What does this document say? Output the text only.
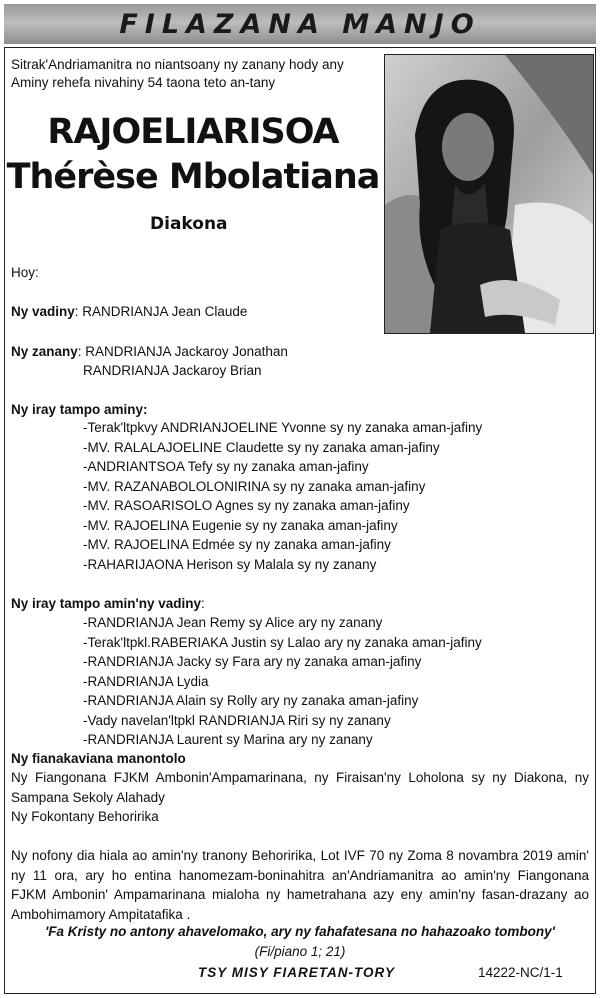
FILAZANA MANJO
Sitrak'Andriamanitra no niantsoany ny zanany hody any Aminy rehefa nivahiny 54 taona teto an-tany
RAJOELIARISOA
Thérèse Mbolatiana
Diakona
Hoy:
Ny vadiny: RANDRIANJA Jean Claude
Ny zanany: RANDRIANJA Jackaroy Jonathan
RANDRIANJA Jackaroy Brian
Ny iray tampo aminy:
-Terak'ltpkvy ANDRIANJOELINE Yvonne sy ny zanaka aman-jafiny
-MV. RALALAJOELINE Claudette sy ny zanaka aman-jafiny
-ANDRIANTSOA Tefy sy ny zanaka aman-jafiny
-MV. RAZANABOLOLONIRINA sy ny zanaka aman-jafiny
-MV. RASOARISOLO Agnes sy ny zanaka aman-jafiny
-MV. RAJOELINA Eugenie sy ny zanaka aman-jafiny
-MV. RAJOELINA Edmée sy ny zanaka aman-jafiny
-RAHARIJAONA Herison sy Malala sy ny zanany
Ny iray tampo amin'ny vadiny:
-RANDRIANJA Jean Remy sy Alice ary ny zanany
-Terak'ltpkl.RABERIAKA Justin sy Lalao ary ny zanaka aman-jafiny
-RANDRIANJA Jacky sy Fara ary ny zanaka aman-jafiny
-RANDRIANJA Lydia
-RANDRIANJA Alain sy Rolly ary ny zanaka aman-jafiny
-Vady navelan'ltpkl RANDRIANJA Riri sy ny zanany
-RANDRIANJA Laurent sy Marina ary ny zanany
Ny fianakaviana manontolo
Ny Fiangonana FJKM Ambonin'Ampamarinana, ny Firaisan'ny Loholona sy ny Diakona, ny Sampana Sekoly Alahady
Ny Fokontany Behoririka
Ny nofony dia hiala ao amin'ny tranony Behoririka, Lot IVF 70 ny Zoma 8 novambra 2019 amin' ny 11 ora, ary ho entina hanomezam-boninahitra an'Andriamanitra ao amin'ny Fiangonana FJKM Ambonin' Ampamarinana mialoha ny hametrahana azy eny amin'ny fasan-drazany ao Ambohimamory Ampitatafika .
'Fa Kristy no antony ahavelomako, ary ny fahafatesana no hahazoako tombony'
(Fi/piano 1; 21)
TSY MISY FIARETAN-TORY	14222-NC/1-1
